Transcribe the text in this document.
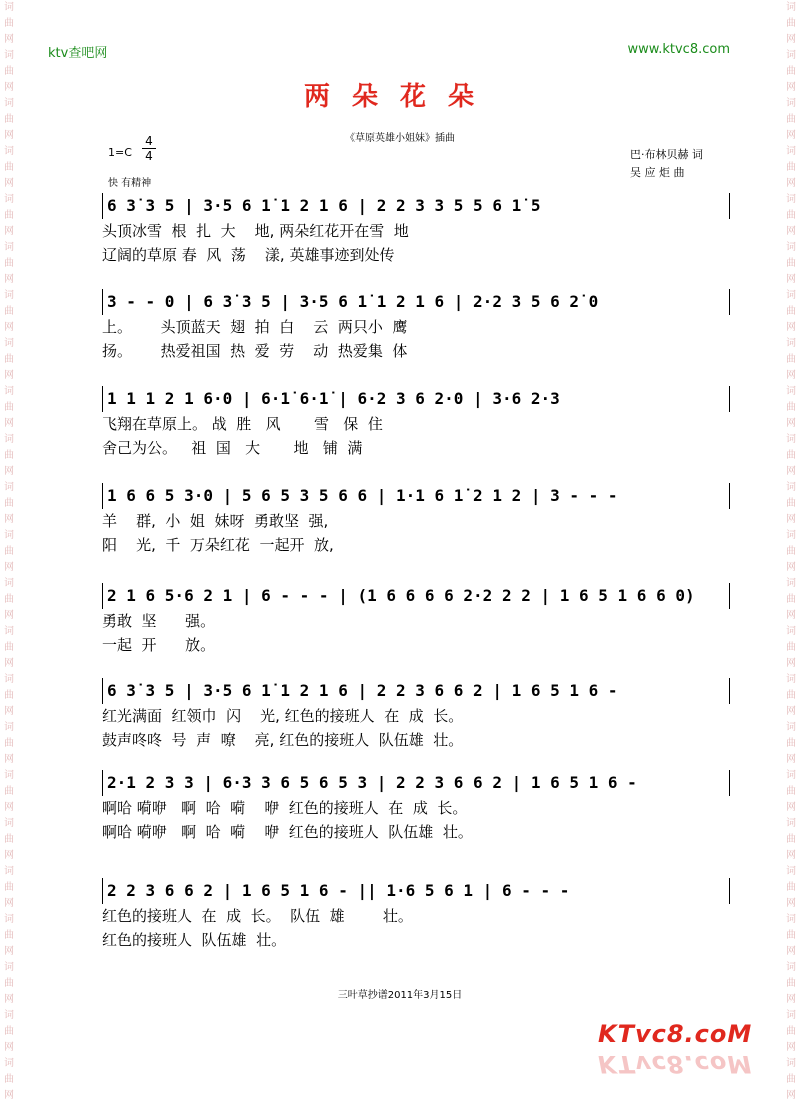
词
曲
网
词
曲
网
词
曲
网
词
曲
网
词
曲
网
词
曲
网
词
曲
网
词
曲
网
词
曲
网
词
曲
网
词
曲
网
词
曲
网
词
曲
网
词
曲
网
词
曲
网
词
曲
网
词
曲
网
词
曲
网
词
曲
网
词
曲
网
词
曲
网
词
曲
网
词
曲
网
词
曲
网
词
曲
网
词
曲
网
词
曲
网
词
曲
网
词
曲
网
词
曲
网
词
曲
网
词
曲
网
词
曲
网
词
曲
网
词
曲
网
词
曲
网
词
曲
网
词
曲
网
词
曲
网
词
曲
网
词
曲
网
词
曲
网
词
曲
网
词
曲
网
词
曲
网
词
曲
网
ktv查吧网	www.ktvc8.com
两朵花朵
《草原英雄小姐妹》插曲
1=C
4
4
快 有精神
巴·布林贝赫 词
吴 应 炬 曲
6 3̇ 3 5 | 3·5 6 1̇ 1 2 1 6 | 2 2 3 3 5 5 6 1̇ 5
头顶冰雪  根  扎  大    地, 两朵红花开在雪  地
辽阔的草原 春  风  荡    漾, 英雄事迹到处传
3 - - 0 | 6 3̇ 3 5 | 3·5 6 1̇ 1 2 1 6 | 2·2 3 5 6 2̇ 0
上。      头顶蓝天  翅  拍  白    云  两只小  鹰
扬。      热爱祖国  热  爱  劳    动  热爱集  体
1 1 1 2 1 6·0 | 6·1̇ 6·1̇ | 6·2 3 6 2·0 | 3·6 2·3
飞翔在草原上。 战  胜   风       雪   保  住
舍己为公。   祖  国   大       地   铺  满
1 6 6 5 3·0 | 5 6 5 3 5 6 6 | 1·1 6 1̇ 2 1 2 | 3 - - -
羊    群,  小  姐  妹呀  勇敢坚  强,
阳    光,  千  万朵红花  一起开  放,
2 1 6 5·6 2 1 | 6 - - - | (1 6 6 6 6 2·2 2 2 | 1 6 5 1 6 6 0)
勇敢  坚      强。
一起  开      放。
6 3̇ 3 5 | 3·5 6 1̇ 1 2 1 6 | 2 2 3 6 6 2 | 1 6 5 1 6 -
红光满面  红领巾  闪    光, 红色的接班人  在  成  长。
鼓声咚咚  号  声  嘹    亮, 红色的接班人  队伍雄  壮。
2·1 2 3 3 | 6·3 3 6 5 6 5 3 | 2 2 3 6 6 2 | 1 6 5 1 6 -
啊哈 嗬咿   啊  哈  嗬    咿  红色的接班人  在  成  长。
啊哈 嗬咿   啊  哈  嗬    咿  红色的接班人  队伍雄  壮。
2 2 3 6 6 2 | 1 6 5 1 6 - || 1·6 5 6 1 | 6 - - -
红色的接班人  在  成  长。  队伍  雄        壮。
红色的接班人  队伍雄  壮。
三叶草抄谱2011年3月15日
KTvc8.coM
KTvc8.coM
